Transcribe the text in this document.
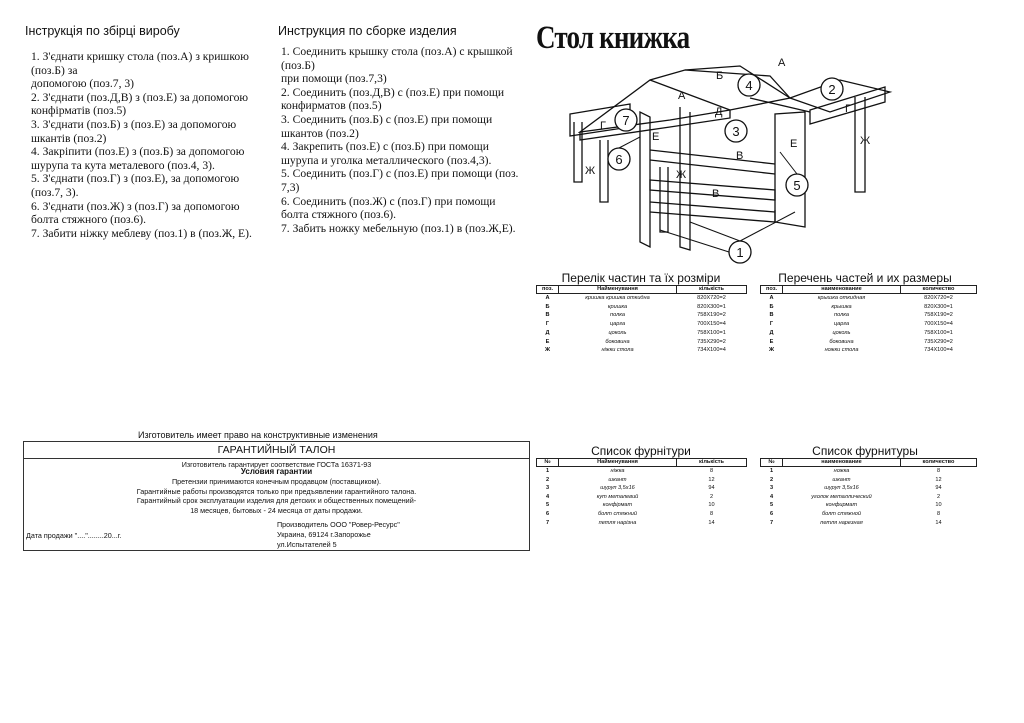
Інструкція по збірці виробу
1. З'єднати кришку стола (поз.А) з кришкою
(поз.Б) за
допомогою (поз.7, 3)
2. З'єднати (поз.Д,В) з (поз.Е) за допомогою
конфірматів (поз.5)
3. З'єднати (поз.Б) з (поз.Е) за допомогою
шкантів (поз.2)
4. Закріпити (поз.Е) з (поз.Б) за допомогою
шурупа та кута металевого (поз.4, 3).
5. З'єднати (поз.Г) з (поз.Е), за допомогою
(поз.7, 3).
6. З'єднати (поз.Ж) з (поз.Г) за допомогою
болта стяжного (поз.6).
7. Забити ніжку меблеву (поз.1) в (поз.Ж, Е).
Инструкция по сборке изделия
1. Соединить крышку стола (поз.А) с крышкой
(поз.Б)
при помощи (поз.7,3)
2. Соединить (поз.Д,В) с (поз.Е) при помощи
конфирматов (поз.5)
3. Соединить (поз.Б) с (поз.Е) при помощи
шкантов (поз.2)
4. Закрепить (поз.Е) с (поз.Б) при помощи
шурупа и уголка металлического (поз.4,3).
5. Соединить (поз.Г) с (поз.Е) при помощи (поз.
7,3)
6. Соединить (поз.Ж) с (поз.Г) при помощи
болта стяжного (поз.6).
7. Забить ножку мебельную (поз.1) в (поз.Ж,Е).
Стол книжка
4	2
3
7
6
5
1
А
Б
А
Д
Г
Г
Е
Е
В
В
Ж	Ж
Ж
Перелік частин та їх розміри
поз.	Найменування	кількість
А	кришка кришка откидна	820Х720=2
Б	кришка	820Х300=1
В	полка	758Х190=2
Г	царга	700Х150=4
Д	цоколь	758Х100=1
Е	боковина	735Х290=2
Ж	ніжки стола	734Х100=4
Перечень частей и их размеры
поз.	наименование	количество
А	крышка откидная	820Х720=2
Б	крышка	820Х300=1
В	полка	758Х190=2
Г	царга	700Х150=4
Д	цоколь	758Х100=1
Е	боковина	735Х290=2
Ж	ножки стола	734Х100=4
Список фурнітури
№	Найменування	кількість
1	ніжка	8
2	шкант	12
3	шуруп 3,5х16	94
4	кут металевий	2
5	конфірмат	10
6	болт стяжний	8
7	петля нарізна	14
Список фурнитуры
№	наименование	количество
1	ножка	8
2	шкант	12
3	шуруп 3,5х16	94
4	уголок металлический	2
5	конфирмат	10
6	болт стяжной	8
7	петля нарезная	14
Изготовитель имеет право на конструктивные изменения
ГАРАНТИЙНЫЙ ТАЛОН
Изготовитель гарантирует соответствие ГОСТа 16371-93
Условия гарантии
Претензии принимаются конечным продавцом (поставщиком).
Гарантийные работы производятся только при предъявлении гарантийного талона.
Гарантийный срок эксплуатации изделия для детских и общественных помещений-
18 месяцев, бытовых - 24 месяца от даты продажи.
Дата продажи "...."........20...г.
Производитель ООО "Ровер-Ресурс"
Украина, 69124 г.Запорожье
ул.Испытателей 5
